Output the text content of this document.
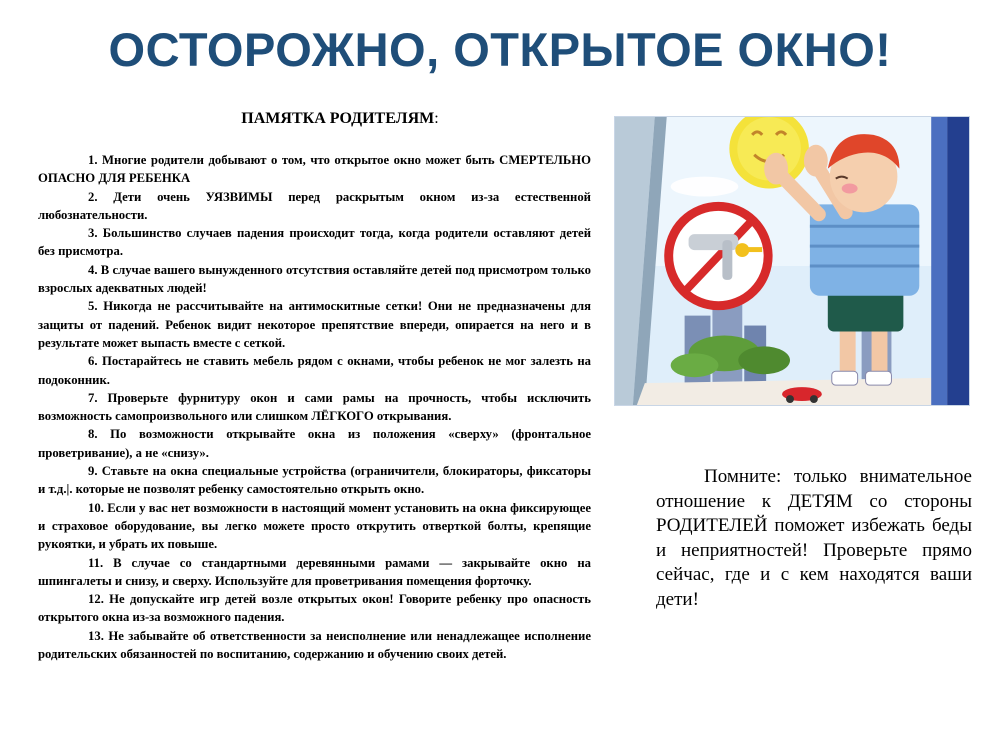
ОСТОРОЖНО, ОТКРЫТОЕ ОКНО!
ПАМЯТКА РОДИТЕЛЯМ:

1. Многие родители добывают о том, что открытое окно может быть СМЕРТЕЛЬНО ОПАСНО ДЛЯ РЕБЕНКА

2. Дети очень УЯЗВИМЫ перед раскрытым окном из-за естественной любознательности.

3. Большинство случаев падения происходит тогда, когда родители оставляют детей без присмотра.

4. В случае вашего вынужденного отсутствия оставляйте детей под присмотром только взрослых адекватных людей!

5. Никогда не рассчитывайте на антимоскитные сетки! Они не предназначены для защиты от падений. Ребенок видит некоторое препятствие впереди, опирается на него и в результате может выпасть вместе с сеткой.

6. Постарайтесь не ставить мебель рядом с окнами, чтобы ребенок не мог залезть на подоконник.

7. Проверьте фурнитуру окон и сами рамы на прочность, чтобы исключить возможность самопроизвольного или слишком ЛЁГКОГО открывания.

8. По возможности открывайте окна из положения «сверху» (фронтальное проветривание), а не «снизу».

9. Ставьте на окна специальные устройства (ограничители, блокираторы, фиксаторы и т.д.|. которые не позволят ребенку самостоятельно открыть окно.

10. Если у вас нет возможности в настоящий момент установить на окна фиксирующее и страховое оборудование, вы легко можете просто открутить отверткой болты, крепящие рукоятки, и убрать их повыше.

11. В случае со стандартными деревянными рамами — закрывайте окно на шпингалеты и снизу, и сверху. Используйте для проветривания помещения форточку.

12. Не допускайте игр детей возле открытых окон! Говорите ребенку про опасность открытого окна из-за возможного падения.

13. Не забывайте об ответственности за неисполнение или ненадлежащее исполнение родительских обязанностей по воспитанию, содержанию и обучению своих детей.

Помните: только внимательное отношение к ДЕТЯМ со стороны РОДИТЕЛЕЙ поможет избежать беды и неприятностей! Проверьте прямо сейчас, где и с кем находятся ваши дети!
